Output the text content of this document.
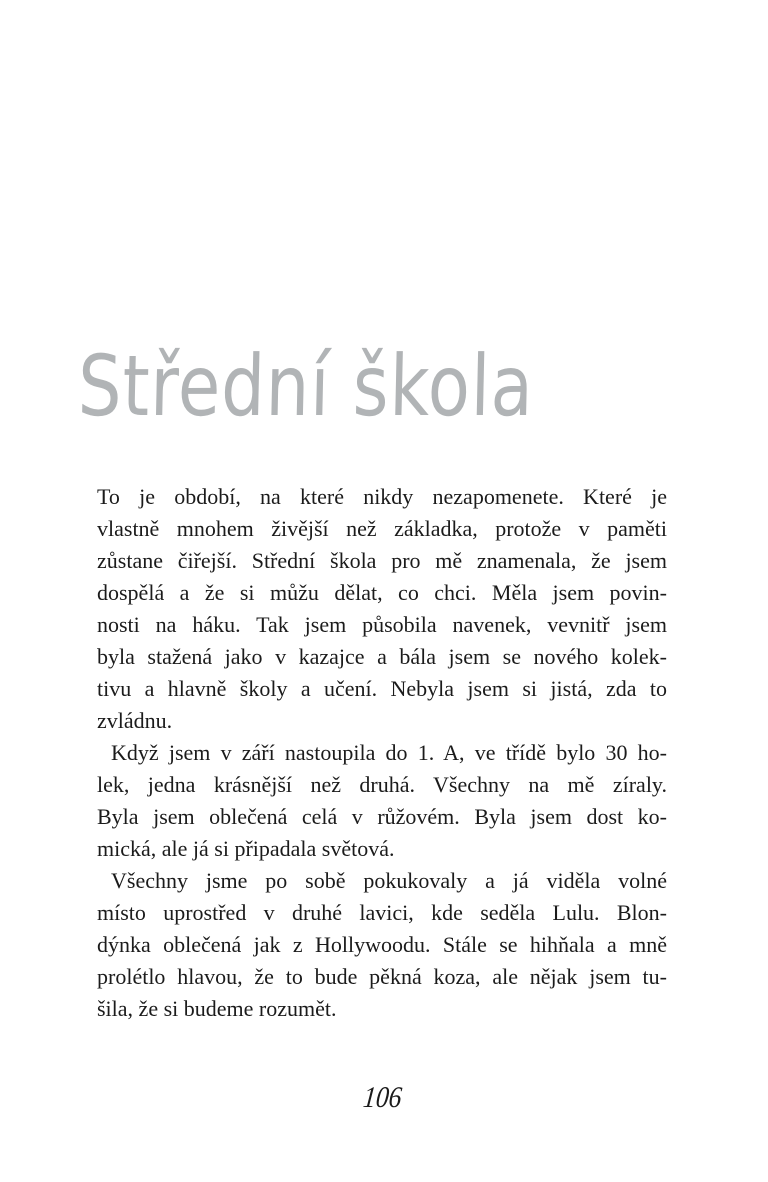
Střední škola
To je období, na které nikdy nezapomenete. Které je
vlastně mnohem živější než základka, protože v paměti
zůstane čiřejší. Střední škola pro mě znamenala, že jsem
dospělá a že si můžu dělat, co chci. Měla jsem povin-
nosti na háku. Tak jsem působila navenek, vevnitř jsem
byla stažená jako v kazajce a bála jsem se nového kolek-
tivu a hlavně školy a učení. Nebyla jsem si jistá, zda to
zvládnu.
Když jsem v září nastoupila do 1. A, ve třídě bylo 30 ho-
lek, jedna krásnější než druhá. Všechny na mě zíraly.
Byla jsem oblečená celá v růžovém. Byla jsem dost ko-
mická, ale já si připadala světová.
Všechny jsme po sobě pokukovaly a já viděla volné
místo uprostřed v druhé lavici, kde seděla Lulu. Blon-
dýnka oblečená jak z Hollywoodu. Stále se hihňala a mně
prolétlo hlavou, že to bude pěkná koza, ale nějak jsem tu-
šila, že si budeme rozumět.
106
